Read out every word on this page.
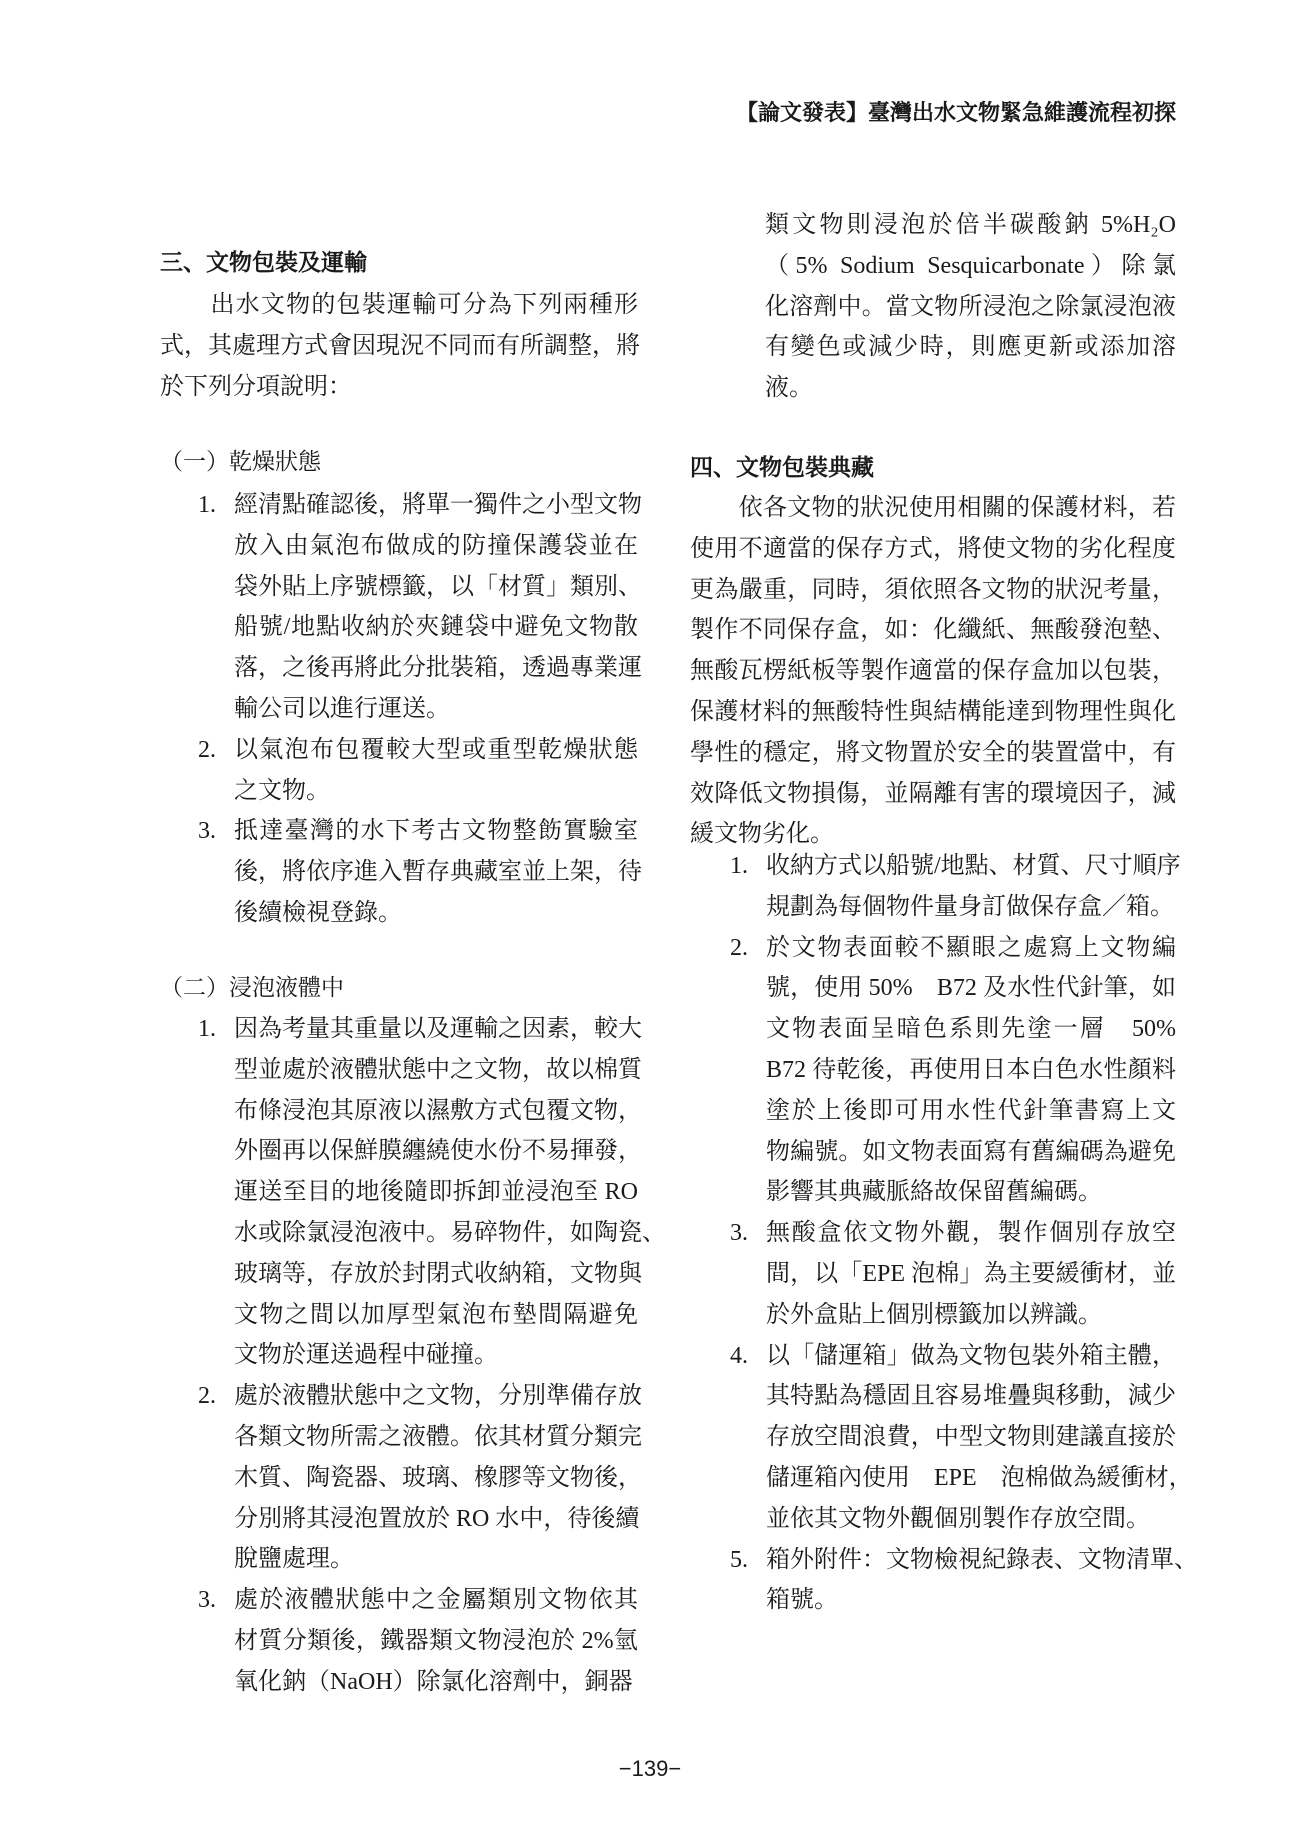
【論文發表】臺灣出水文物緊急維護流程初探
三、文物包裝及運輸
　　出水文物的包裝運輸可分為下列兩種形
式，其處理方式會因現況不同而有所調整，將
於下列分項說明：
（一）乾燥狀態
1. 經清點確認後，將單一獨件之小型文物
放入由氣泡布做成的防撞保護袋並在
袋外貼上序號標籤，以「材質」類別、
船號/地點收納於夾鏈袋中避免文物散
落，之後再將此分批裝箱，透過專業運
輸公司以進行運送。
2. 以氣泡布包覆較大型或重型乾燥狀態
之文物。
3. 抵達臺灣的水下考古文物整飭實驗室
後，將依序進入暫存典藏室並上架，待
後續檢視登錄。
（二）浸泡液體中
1. 因為考量其重量以及運輸之因素，較大
型並處於液體狀態中之文物，故以棉質
布條浸泡其原液以濕敷方式包覆文物，
外圈再以保鮮膜纏繞使水份不易揮發，
運送至目的地後隨即拆卸並浸泡至 RO
水或除氯浸泡液中。易碎物件，如陶瓷、
玻璃等，存放於封閉式收納箱，文物與
文物之間以加厚型氣泡布墊間隔避免
文物於運送過程中碰撞。
2. 處於液體狀態中之文物，分別準備存放
各類文物所需之液體。依其材質分類完
木質、陶瓷器、玻璃、橡膠等文物後，
分別將其浸泡置放於 RO 水中，待後續
脫鹽處理。
3. 處於液體狀態中之金屬類別文物依其
材質分類後，鐵器類文物浸泡於 2%氫
氧化鈉（NaOH）除氯化溶劑中，銅器
類文物則浸泡於倍半碳酸鈉 5%H₂O
（5% Sodium Sesquicarbonate）除氯
化溶劑中。當文物所浸泡之除氯浸泡液
有變色或減少時，則應更新或添加溶
液。
四、文物包裝典藏
　　依各文物的狀況使用相關的保護材料，若
使用不適當的保存方式，將使文物的劣化程度
更為嚴重，同時，須依照各文物的狀況考量，
製作不同保存盒，如：化纖紙、無酸發泡墊、
無酸瓦楞紙板等製作適當的保存盒加以包裝，
保護材料的無酸特性與結構能達到物理性與化
學性的穩定，將文物置於安全的裝置當中，有
效降低文物損傷，並隔離有害的環境因子，減
緩文物劣化。
1. 收納方式以船號/地點、材質、尺寸順序
規劃為每個物件量身訂做保存盒／箱。
2. 於文物表面較不顯眼之處寫上文物編
號，使用 50%　B72 及水性代針筆，如
文物表面呈暗色系則先塗一層　50%
B72 待乾後，再使用日本白色水性顏料
塗於上後即可用水性代針筆書寫上文
物編號。如文物表面寫有舊編碼為避免
影響其典藏脈絡故保留舊編碼。
3. 無酸盒依文物外觀，製作個別存放空
間，以「EPE 泡棉」為主要緩衝材，並
於外盒貼上個別標籤加以辨識。
4. 以「儲運箱」做為文物包裝外箱主體，
其特點為穩固且容易堆疊與移動，減少
存放空間浪費，中型文物則建議直接於
儲運箱內使用　EPE　泡棉做為緩衝材，
並依其文物外觀個別製作存放空間。
5. 箱外附件：文物檢視紀錄表、文物清單、
箱號。
−139−
